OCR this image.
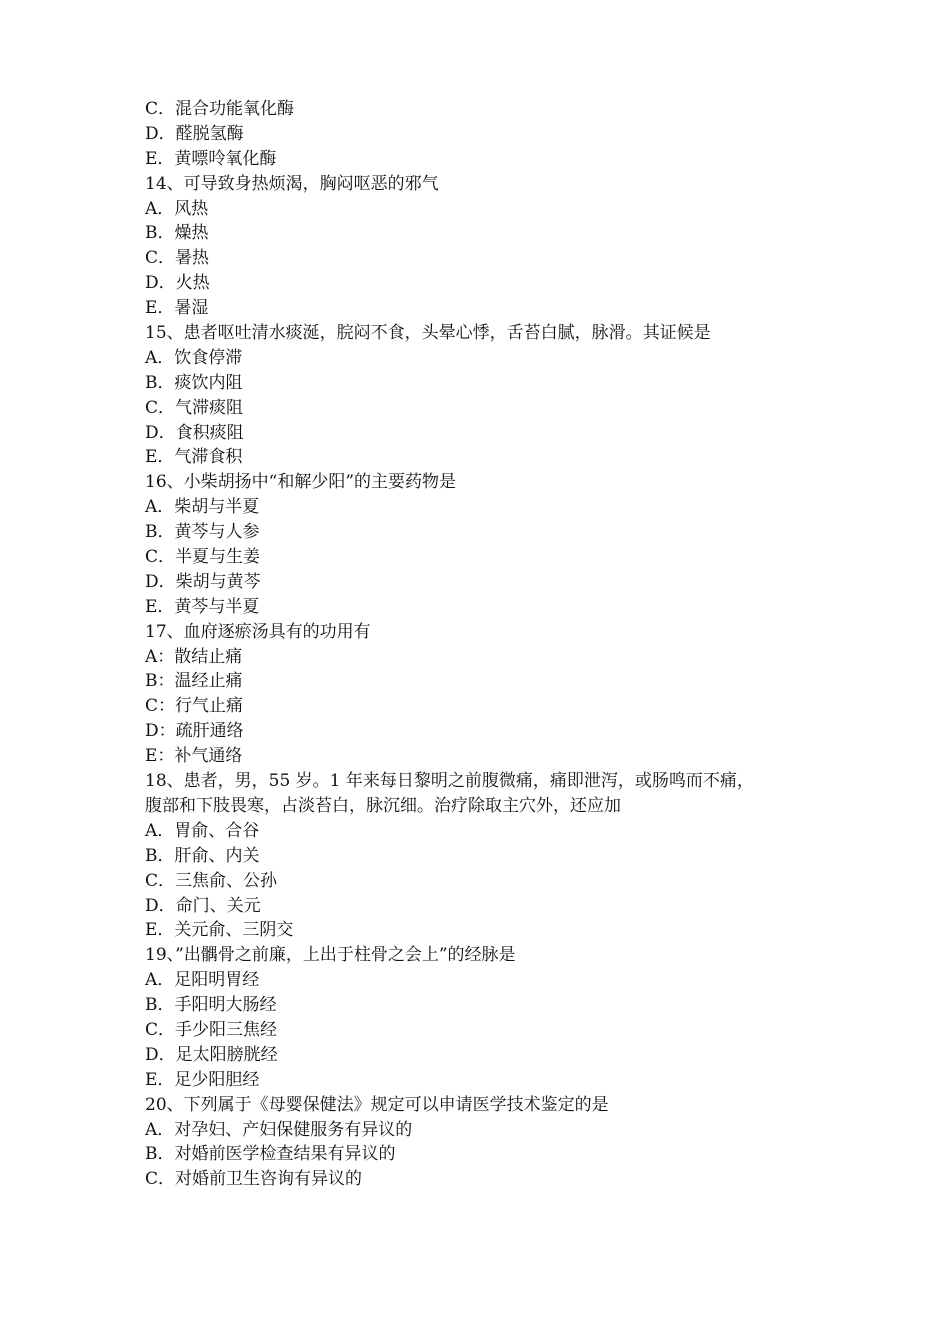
C．混合功能氧化酶
D．醛脱氢酶
E．黄嘌呤氧化酶
14、可导致身热烦渴，胸闷呕恶的邪气
A．风热
B．燥热
C．暑热
D．火热
E．暑湿
15、患者呕吐清水痰涎，脘闷不食，头晕心悸，舌苔白腻，脉滑。其证候是
A．饮食停滞
B．痰饮内阻
C．气滞痰阻
D．食积痰阻
E．气滞食积
16、小柴胡扬中“和解少阳”的主要药物是
A．柴胡与半夏
B．黄芩与人参
C．半夏与生姜
D．柴胡与黄芩
E．黄芩与半夏
17、血府逐瘀汤具有的功用有
A：散结止痛
B：温经止痛
C：行气止痛
D：疏肝通络
E：补气通络
18、患者，男，55 岁。1 年来每日黎明之前腹微痛，痛即泄泻，或肠鸣而不痛，
腹部和下肢畏寒，占淡苔白，脉沉细。治疗除取主穴外，还应加
A．胃俞、合谷
B．肝俞、内关
C．三焦俞、公孙
D．命门、关元
E．关元俞、三阴交
19、”出髃骨之前廉，上出于柱骨之会上”的经脉是
A．足阳明胃经
B．手阳明大肠经
C．手少阳三焦经
D．足太阳膀胱经
E．足少阳胆经
20、下列属于《母婴保健法》规定可以申请医学技术鉴定的是
A．对孕妇、产妇保健服务有异议的
B．对婚前医学检查结果有异议的
C．对婚前卫生咨询有异议的
